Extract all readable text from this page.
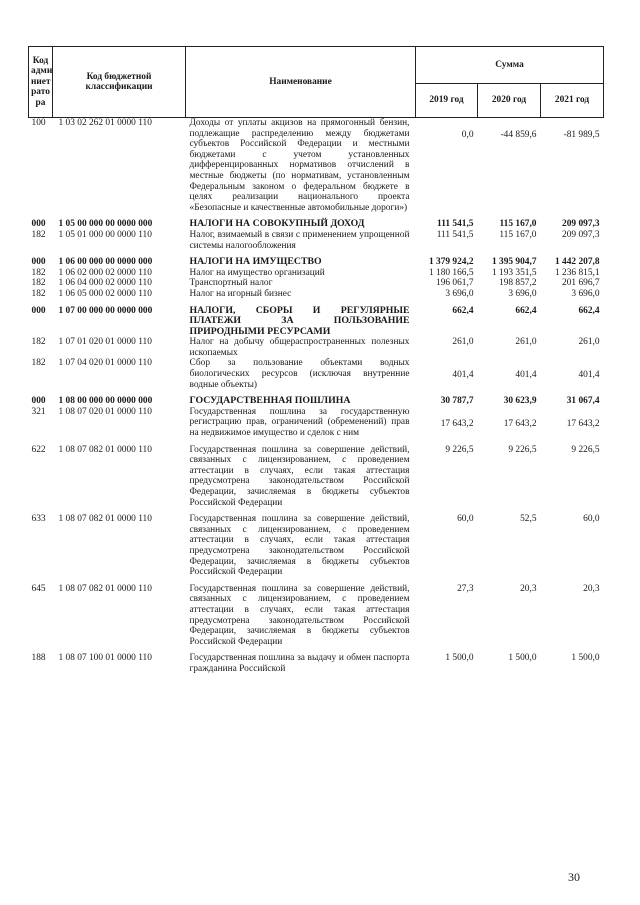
Код адми ниет рато ра	Код бюджетной классификации	Наименование	Сумма		
			2019 год	2020 год	2021 год
100	1 03 02 262 01 0000 110	Доходы от уплаты акцизов на прямогонный бензин, подлежащие распределению между бюджетами субъектов Российской Федерации и местными бюджетами с учетом установленных дифференцированных нормативов отчислений в местные бюджеты (по нормативам, установленным Федеральным законом о федеральном бюджете в целях реализации национального проекта «Безопасные и качественные автомобильные дороги»)	0,0	-44 859,6	-81 989,5
000	1 05 00 000 00 0000 000	НАЛОГИ НА СОВОКУПНЫЙ ДОХОД	111 541,5	115 167,0	209 097,3
182	1 05 01 000 00 0000 110	Налог, взимаемый в связи с применением упрощенной системы налогообложения	111 541,5	115 167,0	209 097,3
000	1 06 00 000 00 0000 000	НАЛОГИ НА ИМУЩЕСТВО	1 379 924,2	1 395 904,7	1 442 207,8
182	1 06 02 000 02 0000 110	Налог на имущество организаций	1 180 166,5	1 193 351,5	1 236 815,1
182	1 06 04 000 02 0000 110	Транспортный налог	196 061,7	198 857,2	201 696,7
182	1 06 05 000 02 0000 110	Налог на игорный бизнес	3 696,0	3 696,0	3 696,0
000	1 07 00 000 00 0000 000	НАЛОГИ, СБОРЫ И РЕГУЛЯРНЫЕ ПЛАТЕЖИ ЗА ПОЛЬЗОВАНИЕ ПРИРОДНЫМИ РЕСУРСАМИ	662,4	662,4	662,4
182	1 07 01 020 01 0000 110	Налог на добычу общераспространенных полезных ископаемых	261,0	261,0	261,0
182	1 07 04 020 01 0000 110	Сбор за пользование объектами водных биологических ресурсов (исключая внутренние водные объекты)	401,4	401,4	401,4
000	1 08 00 000 00 0000 000	ГОСУДАРСТВЕННАЯ ПОШЛИНА	30 787,7	30 623,9	31 067,4
321	1 08 07 020 01 0000 110	Государственная пошлина за государственную регистрацию прав, ограничений (обременений) прав на недвижимое имущество и сделок с ним	17 643,2	17 643,2	17 643,2
622	1 08 07 082 01 0000 110	Государственная пошлина за совершение действий, связанных с лицензированием, с проведением аттестации в случаях, если такая аттестация предусмотрена законодательством Российской Федерации, зачисляемая в бюджеты субъектов Российской Федерации	9 226,5	9 226,5	9 226,5
633	1 08 07 082 01 0000 110	Государственная пошлина за совершение действий, связанных с лицензированием, с проведением аттестации в случаях, если такая аттестация предусмотрена законодательством Российской Федерации, зачисляемая в бюджеты субъектов Российской Федерации	60,0	52,5	60,0
645	1 08 07 082 01 0000 110	Государственная пошлина за совершение действий, связанных с лицензированием, с проведением аттестации в случаях, если такая аттестация предусмотрена законодательством Российской Федерации, зачисляемая в бюджеты субъектов Российской Федерации	27,3	20,3	20,3
188	1 08 07 100 01 0000 110	Государственная пошлина за выдачу и обмен паспорта гражданина Российской	1 500,0	1 500,0	1 500,0
30
